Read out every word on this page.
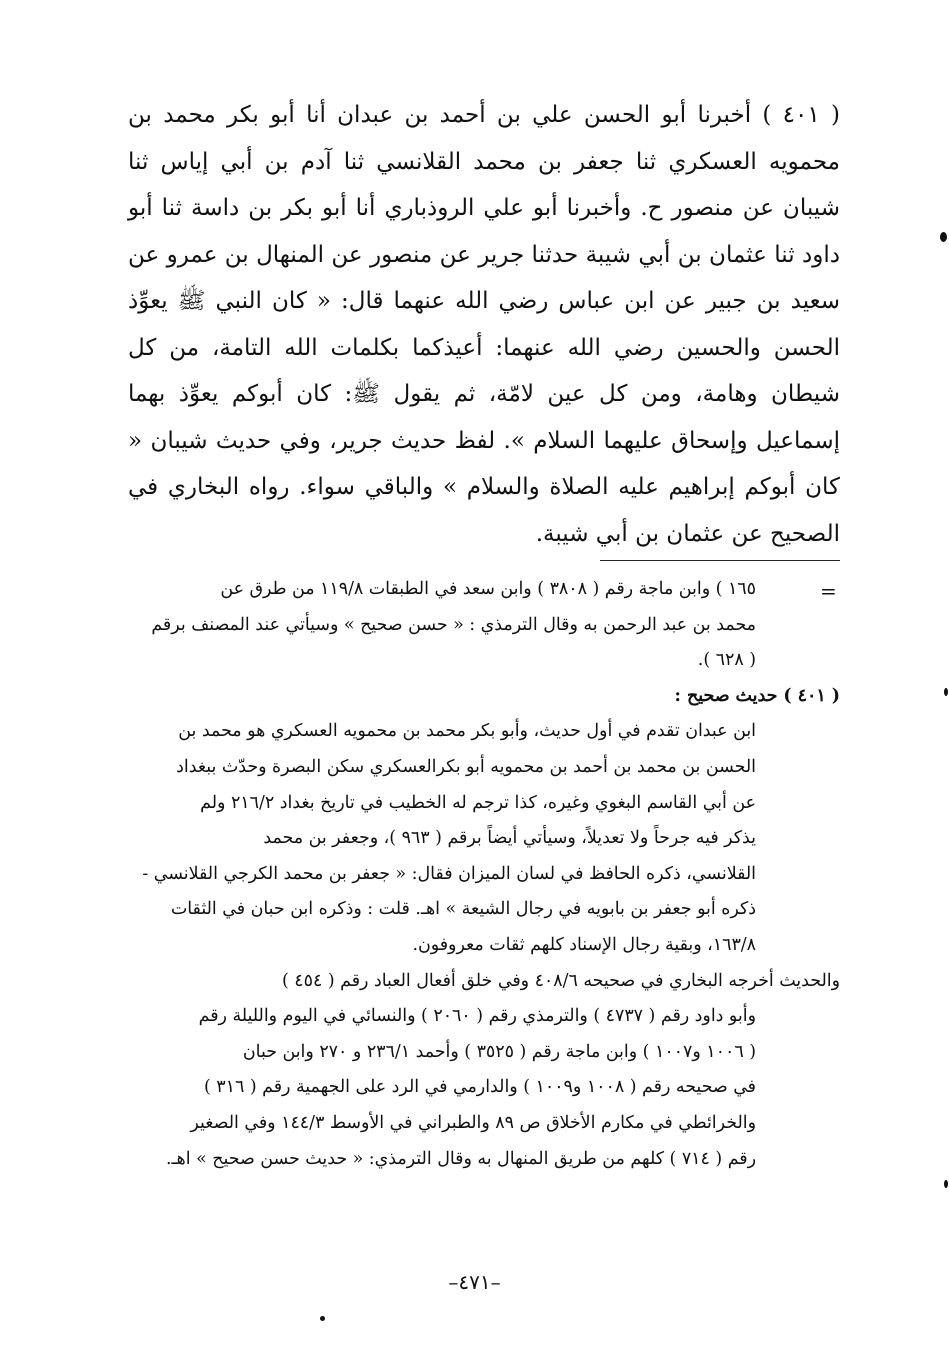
( ٤٠١ ) أخبرنا أبو الحسن علي بن أحمد بن عبدان أنا أبو بكر محمد بن محمويه العسكري ثنا جعفر بن محمد القلانسي ثنا آدم بن أبي إياس ثنا شيبان عن منصور ح. وأخبرنا أبو علي الروذباري أنا أبو بكر بن داسة ثنا أبو داود ثنا عثمان بن أبي شيبة حدثنا جرير عن منصور عن المنهال بن عمرو عن سعيد بن جبير عن ابن عباس رضي الله عنهما قال: « كان النبي ﷺ يعوِّذ الحسن والحسين رضي الله عنهما: أعيذكما بكلمات الله التامة، من كل شيطان وهامة، ومن كل عين لامّة، ثم يقول ﷺ: كان أبوكم يعوِّذ بهما إسماعيل وإسحاق عليهما السلام ». لفظ حديث جرير، وفي حديث شيبان « كان أبوكم إبراهيم عليه الصلاة والسلام » والباقي سواء. رواه البخاري في الصحيح عن عثمان بن أبي شيبة.

=

١٦٥ ) وابن ماجة رقم ( ٣٨٠٨ ) وابن سعد في الطبقات ١١٩/٨ من طرق عن
محمد بن عبد الرحمن به وقال الترمذي : « حسن صحيح » وسيأتي عند المصنف برقم
( ٦٢٨ ).

( ٤٠١ ) حديث صحيح :

ابن عبدان تقدم في أول حديث، وأبو بكر محمد بن محمويه العسكري هو محمد بن
الحسن بن محمد بن أحمد بن محمويه أبو بكرالعسكري سكن البصرة وحدّث ببغداد
عن أبي القاسم البغوي وغيره، كذا ترجم له الخطيب في تاريخ بغداد ٢١٦/٢ ولم
يذكر فيه جرحاً ولا تعديلاً، وسيأتي أيضاً برقم ( ٩٦٣ )، وجعفر بن محمد
القلانسي، ذكره الحافظ في لسان الميزان فقال: « جعفر بن محمد الكرجي القلانسي -
ذكره أبو جعفر بن بابويه في رجال الشيعة » اهـ. قلت : وذكره ابن حبان في الثقات
١٦٣/٨، وبقية رجال الإسناد كلهم ثقات معروفون.

والحديث أخرجه البخاري في صحيحه ٤٠٨/٦ وفي خلق أفعال العباد رقم ( ٤٥٤ )
وأبو داود رقم ( ٤٧٣٧ ) والترمذي رقم ( ٢٠٦٠ ) والنسائي في اليوم والليلة رقم
( ١٠٠٦ و١٠٠٧ ) وابن ماجة رقم ( ٣٥٢٥ ) وأحمد ٢٣٦/١ و ٢٧٠ وابن حبان
في صحيحه رقم ( ١٠٠٨ و١٠٠٩ ) والدارمي في الرد على الجهمية رقم ( ٣١٦ )
والخرائطي في مكارم الأخلاق ص ٨٩ والطبراني في الأوسط ١٤٤/٣ وفي الصغير
رقم ( ٧١٤ ) كلهم من طريق المنهال به وقال الترمذي: « حديث حسن صحيح » اهـ.

–٤٧١–
